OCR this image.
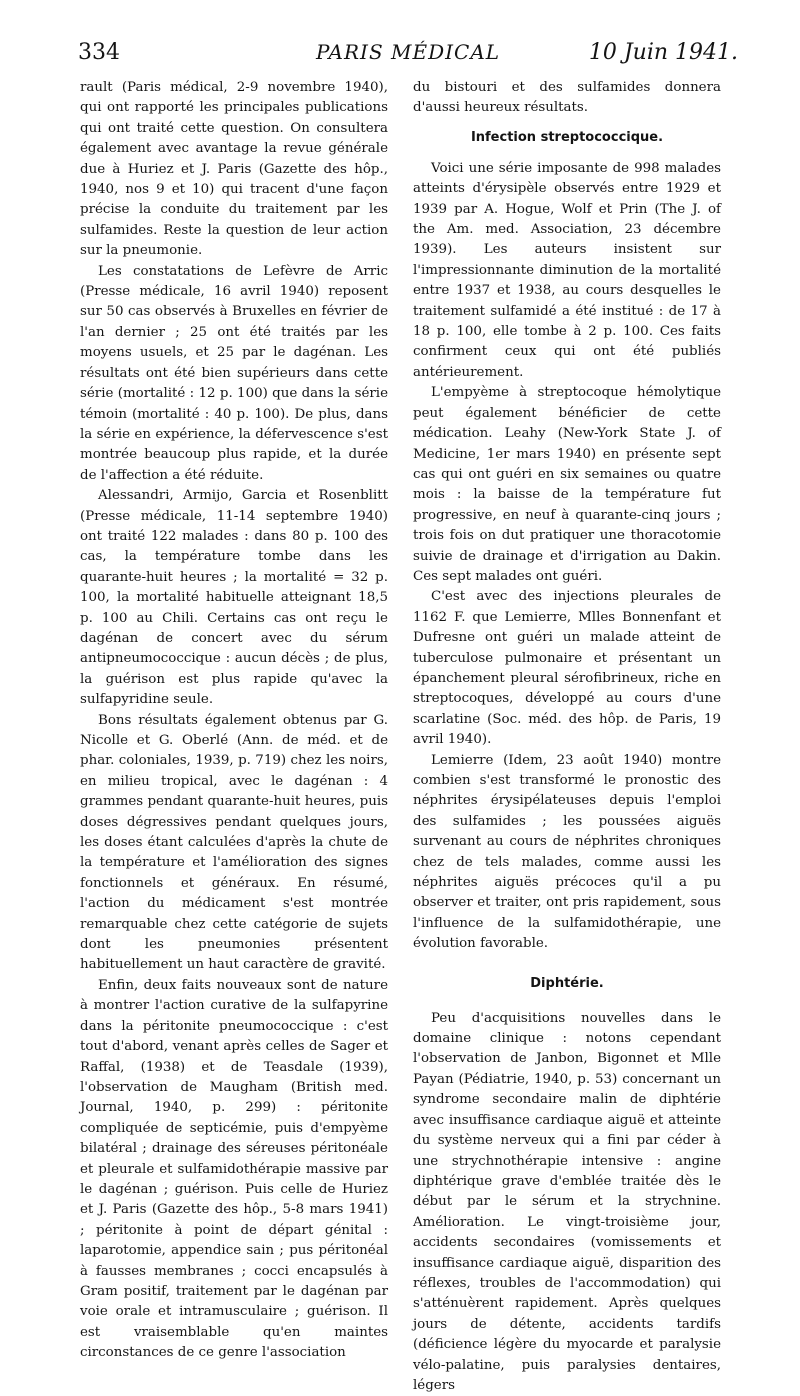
334	PARIS MÉDICAL	10 Juin 1941.

rault (Paris médical, 2-9 novembre 1940), qui ont rapporté les principales publications qui ont traité cette question. On consultera également avec avantage la revue générale due à Huriez et J. Paris (Gazette des hôp., 1940, nos 9 et 10) qui tracent d'une façon précise la conduite du traitement par les sulfamides. Reste la question de leur action sur la pneumonie.

Les constatations de Lefèvre de Arric (Presse médicale, 16 avril 1940) reposent sur 50 cas observés à Bruxelles en février de l'an dernier ; 25 ont été traités par les moyens usuels, et 25 par le dagénan. Les résultats ont été bien supérieurs dans cette série (mortalité : 12 p. 100) que dans la série témoin (mortalité : 40 p. 100). De plus, dans la série en expérience, la défervescence s'est montrée beaucoup plus rapide, et la durée de l'affection a été réduite.

Alessandri, Armijo, Garcia et Rosenblitt (Presse médicale, 11-14 septembre 1940) ont traité 122 malades : dans 80 p. 100 des cas, la température tombe dans les quarante-huit heures ; la mortalité = 32 p. 100, la mortalité habituelle atteignant 18,5 p. 100 au Chili. Certains cas ont reçu le dagénan de concert avec du sérum antipneumococcique : aucun décès ; de plus, la guérison est plus rapide qu'avec la sulfapyridine seule.

Bons résultats également obtenus par G. Nicolle et G. Oberlé (Ann. de méd. et de phar. coloniales, 1939, p. 719) chez les noirs, en milieu tropical, avec le dagénan : 4 grammes pendant quarante-huit heures, puis doses dégressives pendant quelques jours, les doses étant calculées d'après la chute de la température et l'amélioration des signes fonctionnels et généraux. En résumé, l'action du médicament s'est montrée remarquable chez cette catégorie de sujets dont les pneumonies présentent habituellement un haut caractère de gravité.

Enfin, deux faits nouveaux sont de nature à montrer l'action curative de la sulfapyrine dans la péritonite pneumococcique : c'est tout d'abord, venant après celles de Sager et Raffal, (1938) et de Teasdale (1939), l'observation de Maugham (British med. Journal, 1940, p. 299) : péritonite compliquée de septicémie, puis d'empyème bilatéral ; drainage des séreuses péritonéale et pleurale et sulfamidothérapie massive par le dagénan ; guérison. Puis celle de Huriez et J. Paris (Gazette des hôp., 5-8 mars 1941) ; péritonite à point de départ génital : laparotomie, appendice sain ; pus péritonéal à fausses membranes ; cocci encapsulés à Gram positif, traitement par le dagénan par voie orale et intramusculaire ; guérison. Il est vraisemblable qu'en maintes circonstances de ce genre l'association

du bistouri et des sulfamides donnera d'aussi heureux résultats.

Infection streptococcique.

Voici une série imposante de 998 malades atteints d'érysipèle observés entre 1929 et 1939 par A. Hogue, Wolf et Prin (The J. of the Am. med. Association, 23 décembre 1939). Les auteurs insistent sur l'impressionnante diminution de la mortalité entre 1937 et 1938, au cours desquelles le traitement sulfamidé a été institué : de 17 à 18 p. 100, elle tombe à 2 p. 100. Ces faits confirment ceux qui ont été publiés antérieurement.

L'empyème à streptocoque hémolytique peut également bénéficier de cette médication. Leahy (New-York State J. of Medicine, 1er mars 1940) en présente sept cas qui ont guéri en six semaines ou quatre mois : la baisse de la température fut progressive, en neuf à quarante-cinq jours ; trois fois on dut pratiquer une thoracotomie suivie de drainage et d'irrigation au Dakin. Ces sept malades ont guéri.

C'est avec des injections pleurales de 1162 F. que Lemierre, Mlles Bonnenfant et Dufresne ont guéri un malade atteint de tuberculose pulmonaire et présentant un épanchement pleural sérofibrineux, riche en streptocoques, développé au cours d'une scarlatine (Soc. méd. des hôp. de Paris, 19 avril 1940).

Lemierre (Idem, 23 août 1940) montre combien s'est transformé le pronostic des néphrites érysipélateuses depuis l'emploi des sulfamides ; les poussées aiguës survenant au cours de néphrites chroniques chez de tels malades, comme aussi les néphrites aiguës précoces qu'il a pu observer et traiter, ont pris rapidement, sous l'influence de la sulfamidothérapie, une évolution favorable.

Diphtérie.

Peu d'acquisitions nouvelles dans le domaine clinique : notons cependant l'observation de Janbon, Bigonnet et Mlle Payan (Pédiatrie, 1940, p. 53) concernant un syndrome secondaire malin de diphtérie avec insuffisance cardiaque aiguë et atteinte du système nerveux qui a fini par céder à une strychnothérapie intensive : angine diphtérique grave d'emblée traitée dès le début par le sérum et la strychnine. Amélioration. Le vingt-troisième jour, accidents secondaires (vomissements et insuffisance cardiaque aiguë, disparition des réflexes, troubles de l'accommodation) qui s'atténuèrent rapidement. Après quelques jours de détente, accidents tardifs (déficience légère du myocarde et paralysie vélo-palatine, puis paralysies dentaires, légers
